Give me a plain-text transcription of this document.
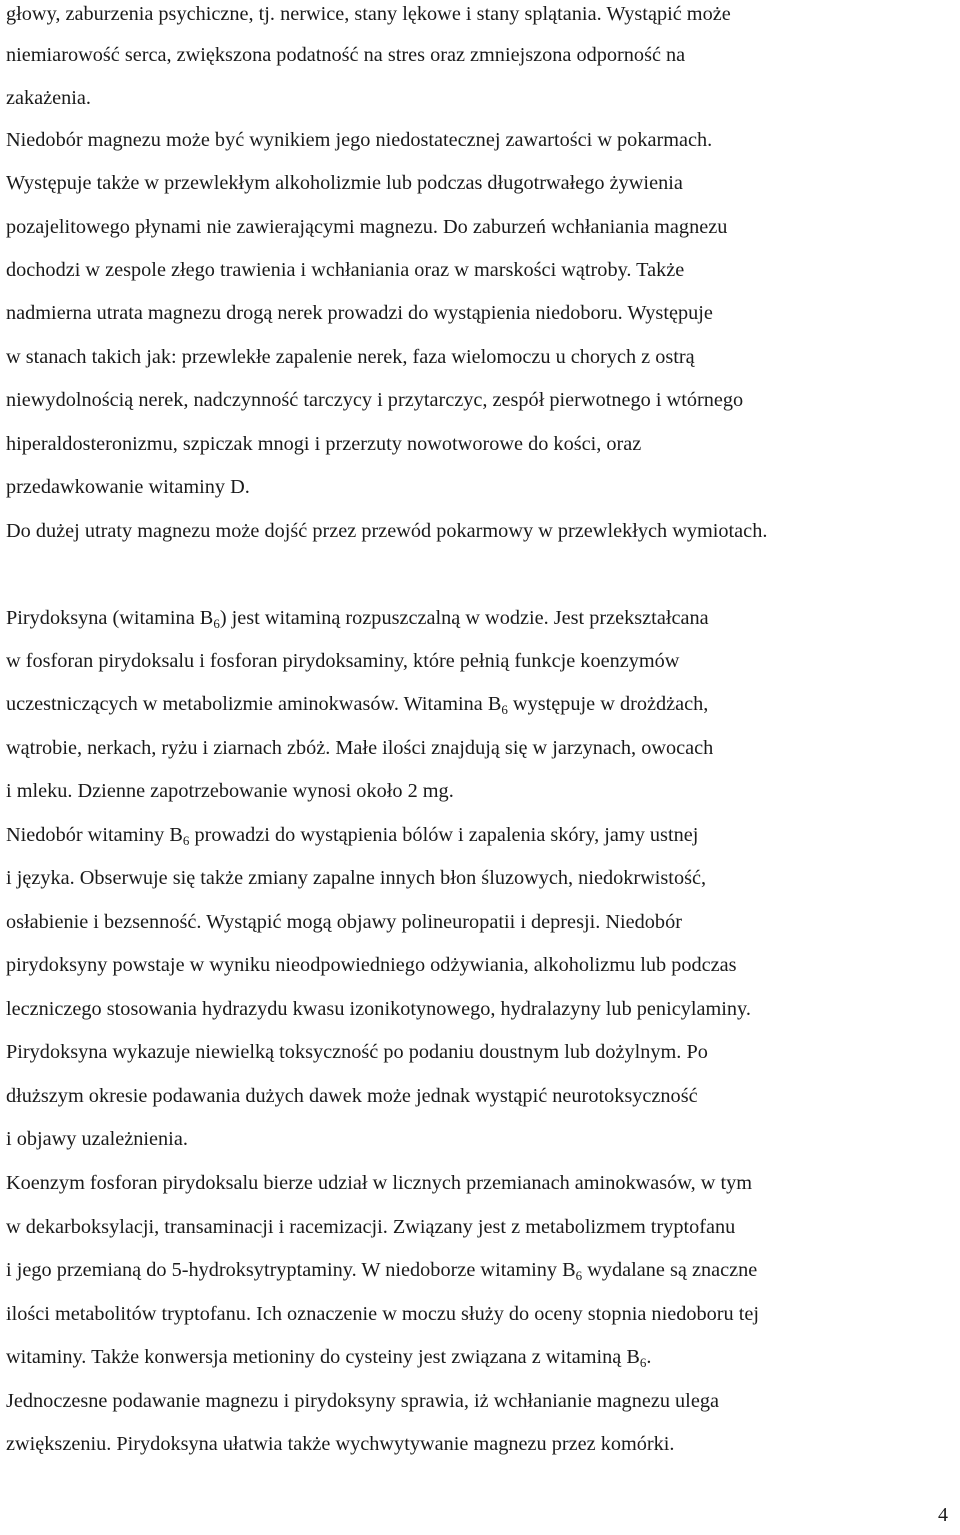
głowy, zaburzenia psychiczne, tj. nerwice, stany lękowe i stany splątania. Wystąpić może
niemiarowość serca, zwiększona podatność na stres oraz zmniejszona odporność na
zakażenia.
Niedobór magnezu może być wynikiem jego niedostatecznej zawartości w pokarmach.
Występuje także w przewlekłym alkoholizmie lub podczas długotrwałego żywienia
pozajelitowego płynami nie zawierającymi magnezu. Do zaburzeń wchłaniania magnezu
dochodzi w zespole złego trawienia i wchłaniania oraz w marskości wątroby. Także
nadmierna utrata magnezu drogą nerek prowadzi do wystąpienia niedoboru. Występuje
w stanach takich jak: przewlekłe zapalenie nerek, faza wielomoczu u chorych z ostrą
niewydolnością nerek, nadczynność tarczycy i przytarczyc, zespół pierwotnego i wtórnego
hiperaldosteronizmu, szpiczak mnogi i przerzuty nowotworowe do kości, oraz
przedawkowanie witaminy D.
Do dużej utraty magnezu może dojść przez przewód pokarmowy w przewlekłych wymiotach.
Pirydoksyna (witamina $B_6$) jest witaminą rozpuszczalną w wodzie. Jest przekształcana
w fosforan pirydoksalu i fosforan pirydoksaminy, które pełnią funkcje koenzymów
uczestniczących w metabolizmie aminokwasów. Witamina $B_6$ występuje w drożdżach,
wątrobie, nerkach, ryżu i ziarnach zbóż. Małe ilości znajdują się w jarzynach, owocach
i mleku. Dzienne zapotrzebowanie wynosi około 2 mg.
Niedobór witaminy $B_6$ prowadzi do wystąpienia bólów i zapalenia skóry, jamy ustnej
i języka. Obserwuje się także zmiany zapalne innych błon śluzowych, niedokrwistość,
osłabienie i bezsenność. Wystąpić mogą objawy polineuropatii i depresji. Niedobór
pirydoksyny powstaje w wyniku nieodpowiedniego odżywiania, alkoholizmu lub podczas
leczniczego stosowania hydrazydu kwasu izonikotynowego, hydralazyny lub penicylaminy.
Pirydoksyna wykazuje niewielką toksyczność po podaniu doustnym lub dożylnym. Po
dłuższym okresie podawania dużych dawek może jednak wystąpić neurotoksyczność
i objawy uzależnienia.
Koenzym fosforan pirydoksalu bierze udział w licznych przemianach aminokwasów, w tym
w dekarboksylacji, transaminacji i racemizacji. Związany jest z metabolizmem tryptofanu
i jego przemianą do 5-hydroksytryptaminy. W niedoborze witaminy $B_6$ wydalane są znaczne
ilości metabolitów tryptofanu. Ich oznaczenie w moczu służy do oceny stopnia niedoboru tej
witaminy. Także konwersja metioniny do cysteiny jest związana z witaminą $B_6$.
Jednoczesne podawanie magnezu i pirydoksyny sprawia, iż wchłanianie magnezu ulega
zwiększeniu. Pirydoksyna ułatwia także wychwytywanie magnezu przez komórki.
4
